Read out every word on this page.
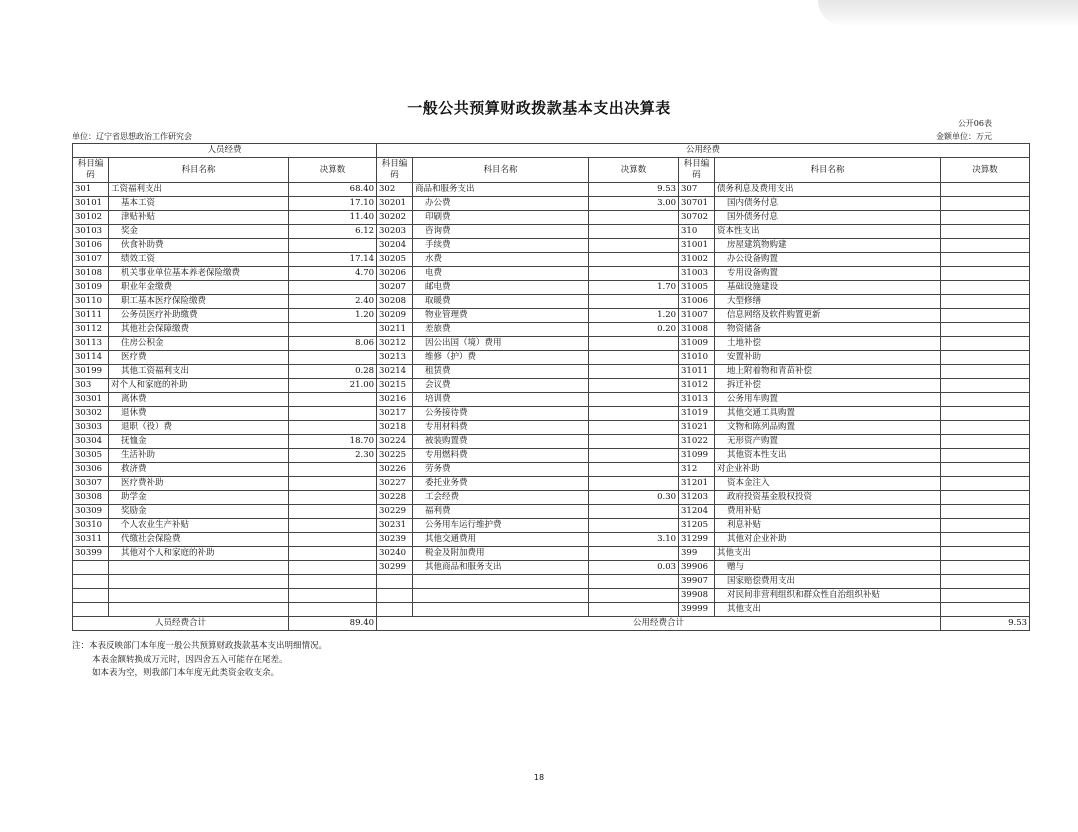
一般公共预算财政拨款基本支出决算表
公开06表
单位：辽宁省思想政治工作研究会	金额单位：万元
人员经费			公用经费					
科目编码	科目名称	决算数	科目编码	科目名称	决算数	科目编码	科目名称	决算数
301	工资福利支出	68.40	302	商品和服务支出	9.53	307	债务利息及费用支出	
30101	基本工资	17.10	30201	办公费	3.00	30701	国内债务付息	
30102	津贴补贴	11.40	30202	印刷费		30702	国外债务付息	
30103	奖金	6.12	30203	咨询费		310	资本性支出	
30106	伙食补助费		30204	手续费		31001	房屋建筑物购建	
30107	绩效工资	17.14	30205	水费		31002	办公设备购置	
30108	机关事业单位基本养老保险缴费	4.70	30206	电费		31003	专用设备购置	
30109	职业年金缴费		30207	邮电费	1.70	31005	基础设施建设	
30110	职工基本医疗保险缴费	2.40	30208	取暖费		31006	大型修缮	
30111	公务员医疗补助缴费	1.20	30209	物业管理费	1.20	31007	信息网络及软件购置更新	
30112	其他社会保障缴费		30211	差旅费	0.20	31008	物资储备	
30113	住房公积金	8.06	30212	因公出国（境）费用		31009	土地补偿	
30114	医疗费		30213	维修（护）费		31010	安置补助	
30199	其他工资福利支出	0.28	30214	租赁费		31011	地上附着物和青苗补偿	
303	对个人和家庭的补助	21.00	30215	会议费		31012	拆迁补偿	
30301	离休费		30216	培训费		31013	公务用车购置	
30302	退休费		30217	公务接待费		31019	其他交通工具购置	
30303	退职（役）费		30218	专用材料费		31021	文物和陈列品购置	
30304	抚恤金	18.70	30224	被装购置费		31022	无形资产购置	
30305	生活补助	2.30	30225	专用燃料费		31099	其他资本性支出	
30306	救济费		30226	劳务费		312	对企业补助	
30307	医疗费补助		30227	委托业务费		31201	资本金注入	
30308	助学金		30228	工会经费	0.30	31203	政府投资基金股权投资	
30309	奖励金		30229	福利费		31204	费用补贴	
30310	个人农业生产补贴		30231	公务用车运行维护费		31205	利息补贴	
30311	代缴社会保险费		30239	其他交通费用	3.10	31299	其他对企业补助	
30399	其他对个人和家庭的补助		30240	税金及附加费用		399	其他支出	
			30299	其他商品和服务支出	0.03	39906	赠与	
						39907	国家赔偿费用支出	
						39908	对民间非营利组织和群众性自治组织补贴	
						39999	其他支出	
人员经费合计		89.40	公用经费合计					9.53
注：本表反映部门本年度一般公共预算财政拨款基本支出明细情况。
本表金额转换成万元时，因四舍五入可能存在尾差。
如本表为空，则我部门本年度无此类资金收支余。
18
